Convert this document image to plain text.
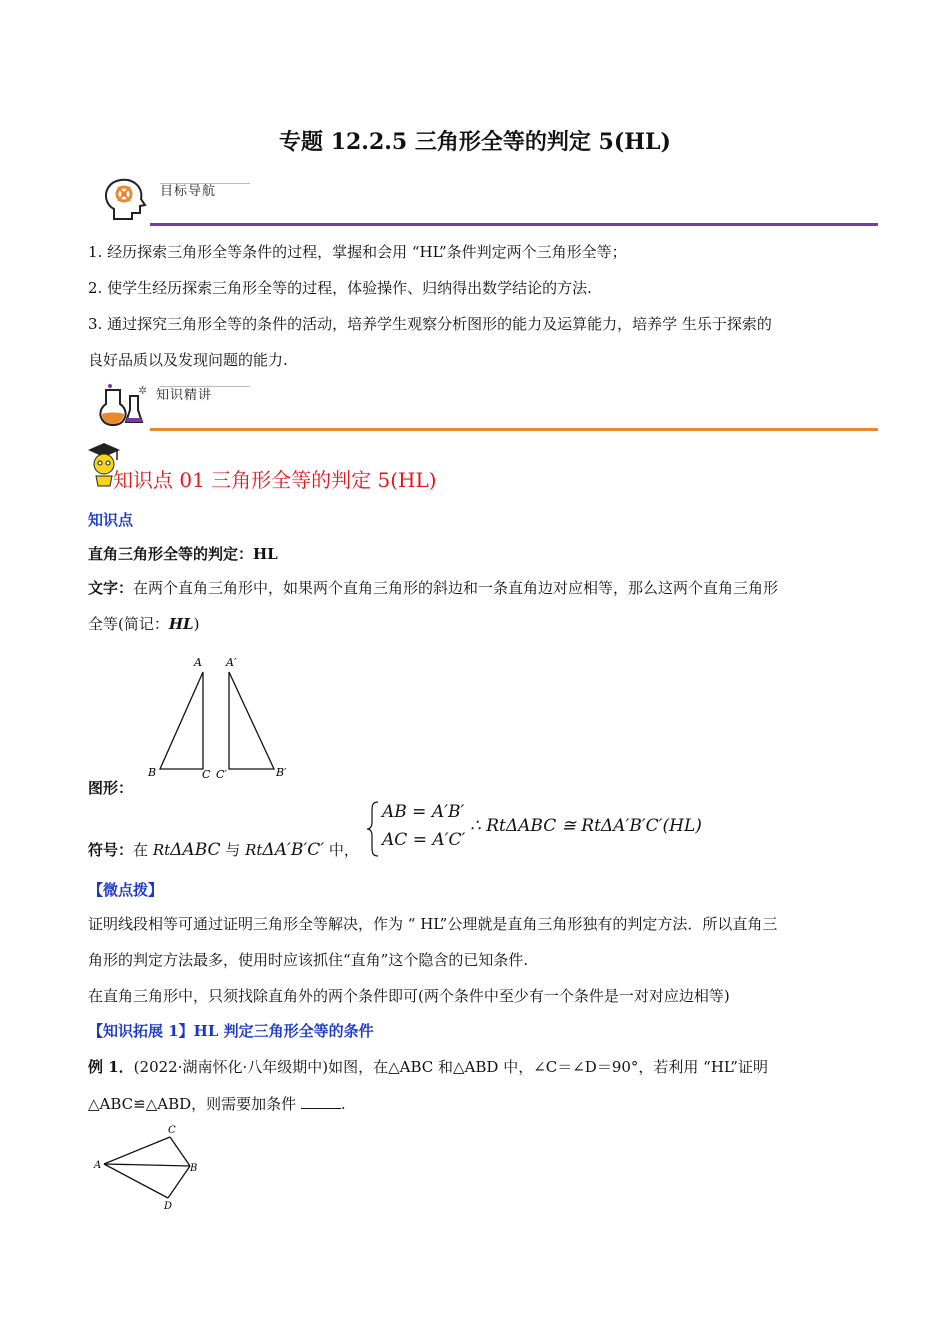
专题 12.2.5 三角形全等的判定 5(HL)
目标导航
1. 经历探索三角形全等条件的过程，掌握和会用 “HL”条件判定两个三角形全等；
2. 使学生经历探索三角形全等的过程，体验操作、归纳得出数学结论的方法.
3. 通过探究三角形全等的条件的活动，培养学生观察分析图形的能力及运算能力，培养学 生乐于探索的
良好品质以及发现问题的能力.
✲ 知识精讲
知识点 01 三角形全等的判定 5(HL)
知识点
直角三角形全等的判定：HL
文字：在两个直角三角形中，如果两个直角三角形的斜边和一条直角边对应相等，那么这两个直角三角形
全等(简记：HL)
A
B	C
A′
B′
C′
图形：
符号：在 RtΔABC 与 RtΔA′B′C′ 中，
AB = A′B′
AC = A′C′
∴ RtΔABC ≅ RtΔA′B′C′(HL)
【微点拨】
证明线段相等可通过证明三角形全等解决，作为 “ HL”公理就是直角三角形独有的判定方法．所以直角三
角形的判定方法最多，使用时应该抓住“直角”这个隐含的已知条件.
在直角三角形中，只须找除直角外的两个条件即可(两个条件中至少有一个条件是一对对应边相等)
【知识拓展 1】HL 判定三角形全等的条件
例 1．(2022·湖南怀化·八年级期中)如图，在△ABC 和△ABD 中，∠C＝∠D＝90°，若利用 “HL”证明
△ABC≌△ABD，则需要加条件	.
A	B
C
D
